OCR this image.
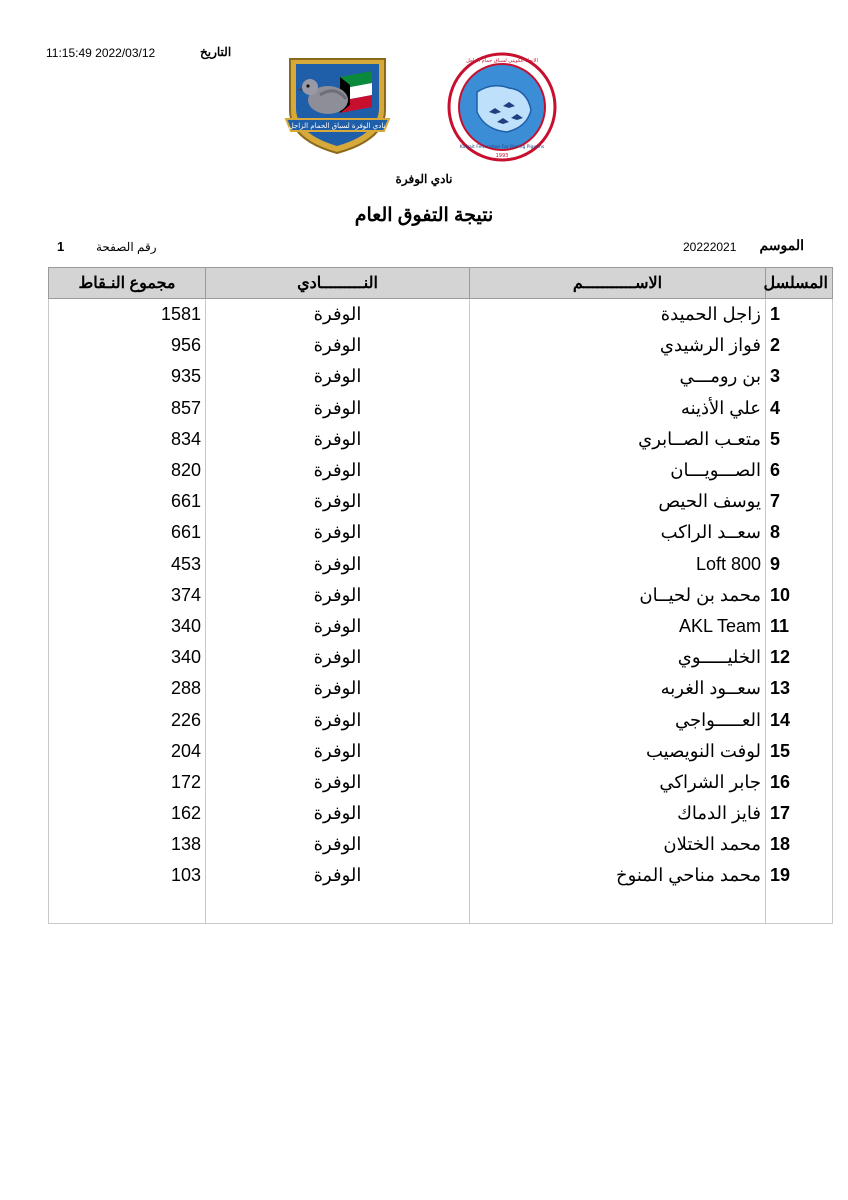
التاريخ
11:15:49 2022/03/12
نادي الوفرة لسباق الحمام الزاجل
الاتحاد الكويتي لسباق حمام الزاجل
Kuwait Federation For Racing Pigeons
1993
نادي الوفرة
نتيجة التفوق العام
الموسم
20222021
رقم الصفحة
1
المسلسل	الاســـــــــــم	النـــــــــادي	مجموع النـقاط
1	زاجل الحميدة	الوفرة	1581
2	فواز الرشيدي	الوفرة	956
3	بن رومـــي	الوفرة	935
4	علي الأذينه	الوفرة	857
5	متعـب الصــابري	الوفرة	834
6	الصـــويـــان	الوفرة	820
7	يوسف الحيص	الوفرة	661
8	سعــد الراكب	الوفرة	661
9	Loft 800	الوفرة	453
10	محمد بن لحيــان	الوفرة	374
11	AKL Team	الوفرة	340
12	الخليـــــوي	الوفرة	340
13	سعــود الغربه	الوفرة	288
14	العـــــواجي	الوفرة	226
15	لوفت النويصيب	الوفرة	204
16	جابر الشراكي	الوفرة	172
17	فايز الدماك	الوفرة	162
18	محمد الختلان	الوفرة	138
19	محمد مناحي المنوخ	الوفرة	103
